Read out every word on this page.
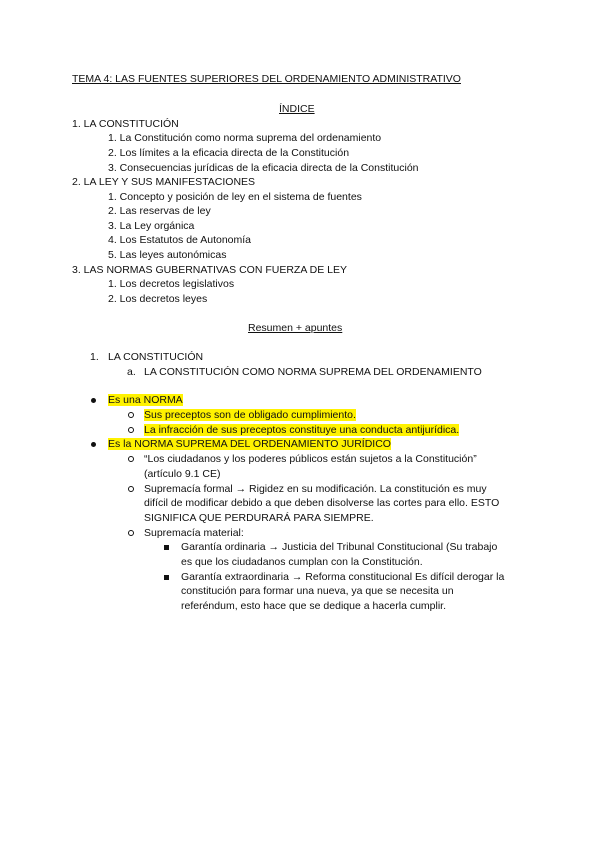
TEMA 4: LAS FUENTES SUPERIORES DEL ORDENAMIENTO ADMINISTRATIVO
ÍNDICE
1. LA CONSTITUCIÓN
1. La Constitución como norma suprema del ordenamiento
2. Los límites a la eficacia directa de la Constitución
3. Consecuencias jurídicas de la eficacia directa de la Constitución
2. LA LEY Y SUS MANIFESTACIONES
1. Concepto y posición de ley en el sistema de fuentes
2. Las reservas de ley
3. La Ley orgánica
4. Los Estatutos de Autonomía
5. Las leyes autonómicas
3. LAS NORMAS GUBERNATIVAS CON FUERZA DE LEY
1. Los decretos legislativos
2. Los decretos leyes
Resumen + apuntes
1. LA CONSTITUCIÓN
a. LA CONSTITUCIÓN COMO NORMA SUPREMA DEL ORDENAMIENTO
Es una NORMA
Sus preceptos son de obligado cumplimiento.
La infracción de sus preceptos constituye una conducta antijurídica.
Es la NORMA SUPREMA DEL ORDENAMIENTO JURÍDICO
“Los ciudadanos y los poderes públicos están sujetos a la Constitución”
(artículo 9.1 CE)
Supremacía formal → Rigidez en su modificación. La constitución es muy
difícil de modificar debido a que deben disolverse las cortes para ello. ESTO
SIGNIFICA QUE PERDURARÁ PARA SIEMPRE.
Supremacía material:
Garantía ordinaria → Justicia del Tribunal Constitucional (Su trabajo
es que los ciudadanos cumplan con la Constitución.
Garantía extraordinaria → Reforma constitucional Es difícil derogar la
constitución para formar una nueva, ya que se necesita un
referéndum, esto hace que se dedique a hacerla cumplir.
